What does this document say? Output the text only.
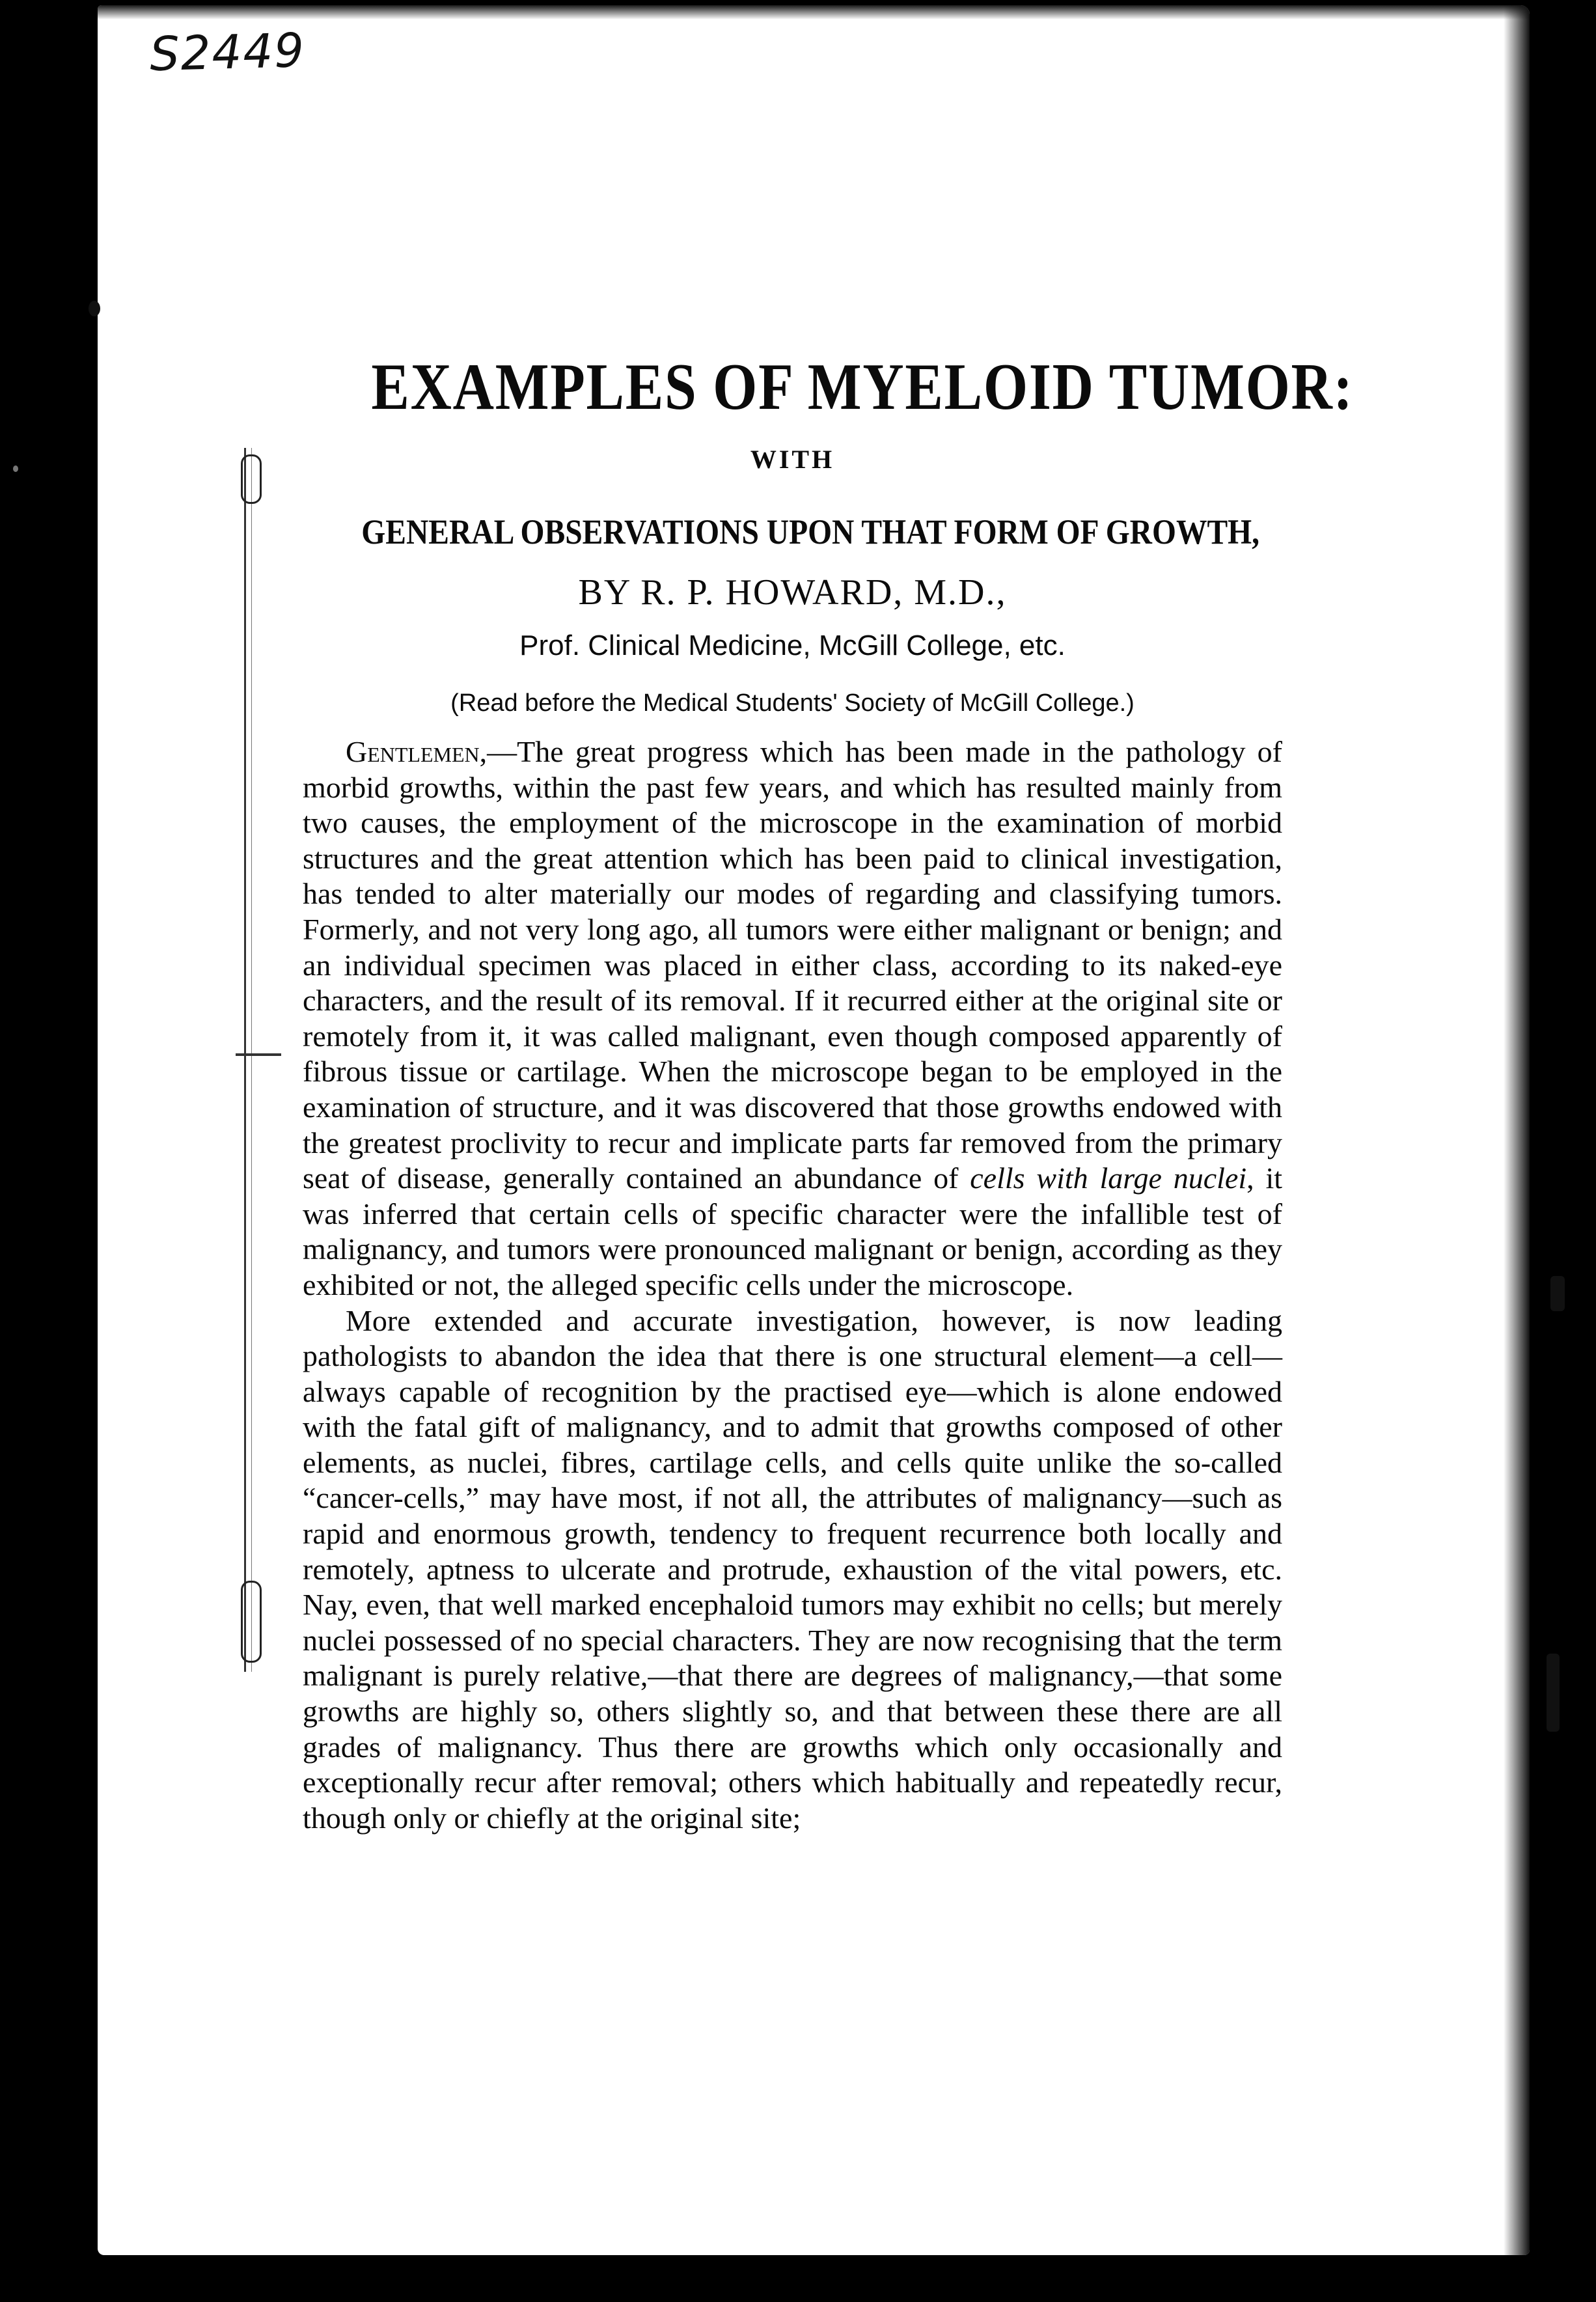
S2449

EXAMPLES OF MYELOID TUMOR:

WITH

GENERAL OBSERVATIONS UPON THAT FORM OF GROWTH,

BY R. P. HOWARD, M.D.,

Prof. Clinical Medicine, McGill College, etc.

(Read before the Medical Students' Society of McGill College.)

Gentlemen,—The great progress which has been made in the pathology of morbid growths, within the past few years, and which has resulted mainly from two causes, the employment of the microscope in the examination of morbid structures and the great attention which has been paid to clinical investigation, has tended to alter materially our modes of regarding and classifying tumors. Formerly, and not very long ago, all tumors were either malignant or benign; and an individual specimen was placed in either class, according to its naked-eye characters, and the result of its removal. If it recurred either at the original site or remotely from it, it was called malignant, even though composed apparently of fibrous tissue or cartilage. When the microscope began to be employed in the examination of structure, and it was discovered that those growths endowed with the greatest proclivity to recur and implicate parts far removed from the primary seat of disease, generally contained an abundance of cells with large nuclei, it was inferred that certain cells of specific character were the infallible test of malignancy, and tumors were pronounced malignant or benign, according as they exhibited or not, the alleged specific cells under the microscope.

More extended and accurate investigation, however, is now leading pathologists to abandon the idea that there is one structural element—a cell—always capable of recognition by the practised eye—which is alone endowed with the fatal gift of malignancy, and to admit that growths composed of other elements, as nuclei, fibres, cartilage cells, and cells quite unlike the so-called “cancer-cells,” may have most, if not all, the attributes of malignancy—such as rapid and enormous growth, tendency to frequent recurrence both locally and remotely, aptness to ulcerate and protrude, exhaustion of the vital powers, etc. Nay, even, that well marked encephaloid tumors may exhibit no cells; but merely nuclei possessed of no special characters. They are now recognising that the term malignant is purely relative,—that there are degrees of malignancy,—that some growths are highly so, others slightly so, and that between these there are all grades of malignancy. Thus there are growths which only occasionally and exceptionally recur after removal; others which habitually and repeatedly recur, though only or chiefly at the original site;
